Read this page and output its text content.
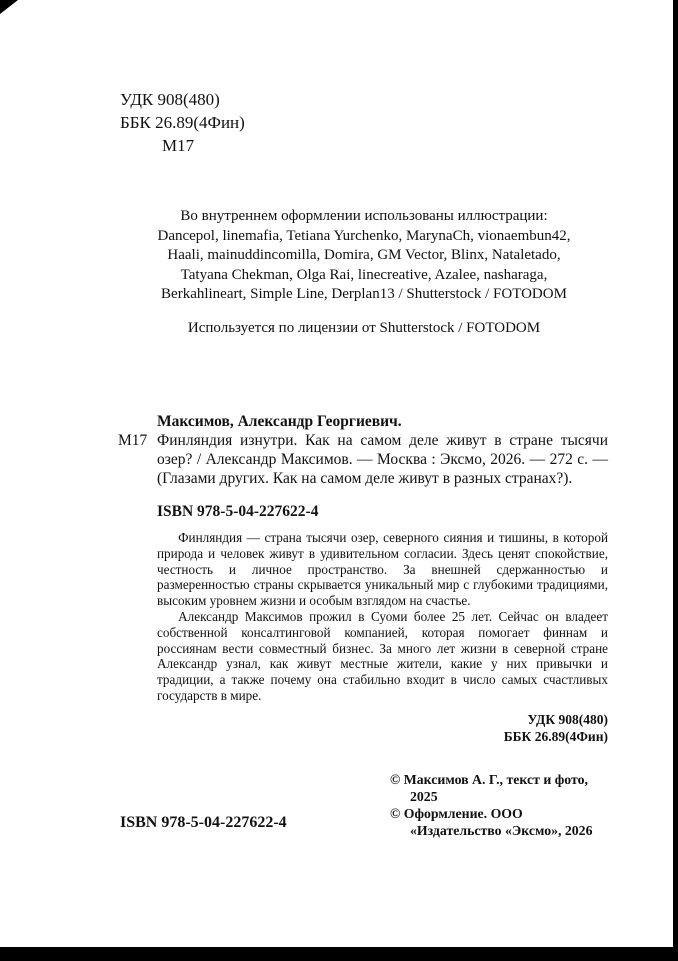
УДК 908(480)
ББК 26.89(4Фин)
М17

Во внутреннем оформлении использованы иллюстрации:

Dancepol, linemafia, Tetiana Yurchenko, MarynaCh, vionaembun42,

Haali, mainuddincomilla, Domira, GM Vector, Blinx, Nataletado,

Tatyana Chekman, Olga Rai, linecreative, Azalee, nasharaga,

Berkahlineart, Simple Line, Derplan13 / Shutterstock / FOTODOM

Используется по лицензии от Shutterstock / FOTODOM

Максимов, Александр Георгиевич.

М17 Финляндия изнутри. Как на самом деле живут в стране тысячи озер? / Александр Максимов. — Москва : Эксмо, 2026. — 272 с. — (Глазами других. Как на самом деле живут в разных странах?).

ISBN 978-5-04-227622-4

Финляндия — страна тысячи озер, северного сияния и тишины, в которой природа и человек живут в удивительном согласии. Здесь ценят спокойствие, честность и личное пространство. За внешней сдержанностью и размеренностью страны скрывается уникальный мир с глубокими традициями, высоким уровнем жизни и особым взглядом на счастье.

Александр Максимов прожил в Суоми более 25 лет. Сейчас он владеет собственной консалтинговой компанией, которая помогает финнам и россиянам вести совместный бизнес. За много лет жизни в северной стране Александр узнал, как живут местные жители, какие у них привычки и традиции, а также почему она стабильно входит в число самых счастливых государств в мире.

УДК 908(480)

ББК 26.89(4Фин)

ISBN 978-5-04-227622-4

© Максимов А. Г., текст и фото, 2025

© Оформление. ООО «Издательство «Эксмо», 2026
